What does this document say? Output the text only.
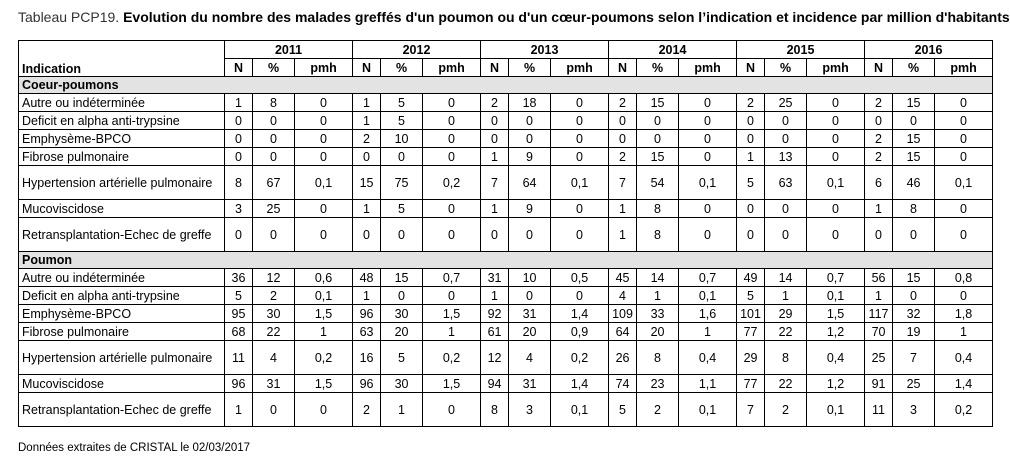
Tableau PCP19. Evolution du nombre des malades greffés d'un poumon ou d'un cœur-poumons selon l’indication et incidence par million d'habitants
Indication	2011			2012			2013			2014			2015			2016		
	N	%	pmh	N	%	pmh	N	%	pmh	N	%	pmh	N	%	pmh	N	%	pmh
Coeur-poumons																		
Autre ou indéterminée	1	8	0	1	5	0	2	18	0	2	15	0	2	25	0	2	15	0
Deficit en alpha anti-trypsine	0	0	0	1	5	0	0	0	0	0	0	0	0	0	0	0	0	0
Emphysème-BPCO	0	0	0	2	10	0	0	0	0	0	0	0	0	0	0	2	15	0
Fibrose pulmonaire	0	0	0	0	0	0	1	9	0	2	15	0	1	13	0	2	15	0
Hypertension artérielle pulmonaire	8	67	0,1	15	75	0,2	7	64	0,1	7	54	0,1	5	63	0,1	6	46	0,1
Mucoviscidose	3	25	0	1	5	0	1	9	0	1	8	0	0	0	0	1	8	0
Retransplantation-Echec de greffe	0	0	0	0	0	0	0	0	0	1	8	0	0	0	0	0	0	0
Poumon																		
Autre ou indéterminée	36	12	0,6	48	15	0,7	31	10	0,5	45	14	0,7	49	14	0,7	56	15	0,8
Deficit en alpha anti-trypsine	5	2	0,1	1	0	0	1	0	0	4	1	0,1	5	1	0,1	1	0	0
Emphysème-BPCO	95	30	1,5	96	30	1,5	92	31	1,4	109	33	1,6	101	29	1,5	117	32	1,8
Fibrose pulmonaire	68	22	1	63	20	1	61	20	0,9	64	20	1	77	22	1,2	70	19	1
Hypertension artérielle pulmonaire	11	4	0,2	16	5	0,2	12	4	0,2	26	8	0,4	29	8	0,4	25	7	0,4
Mucoviscidose	96	31	1,5	96	30	1,5	94	31	1,4	74	23	1,1	77	22	1,2	91	25	1,4
Retransplantation-Echec de greffe	1	0	0	2	1	0	8	3	0,1	5	2	0,1	7	2	0,1	11	3	0,2
Données extraites de CRISTAL le 02/03/2017
